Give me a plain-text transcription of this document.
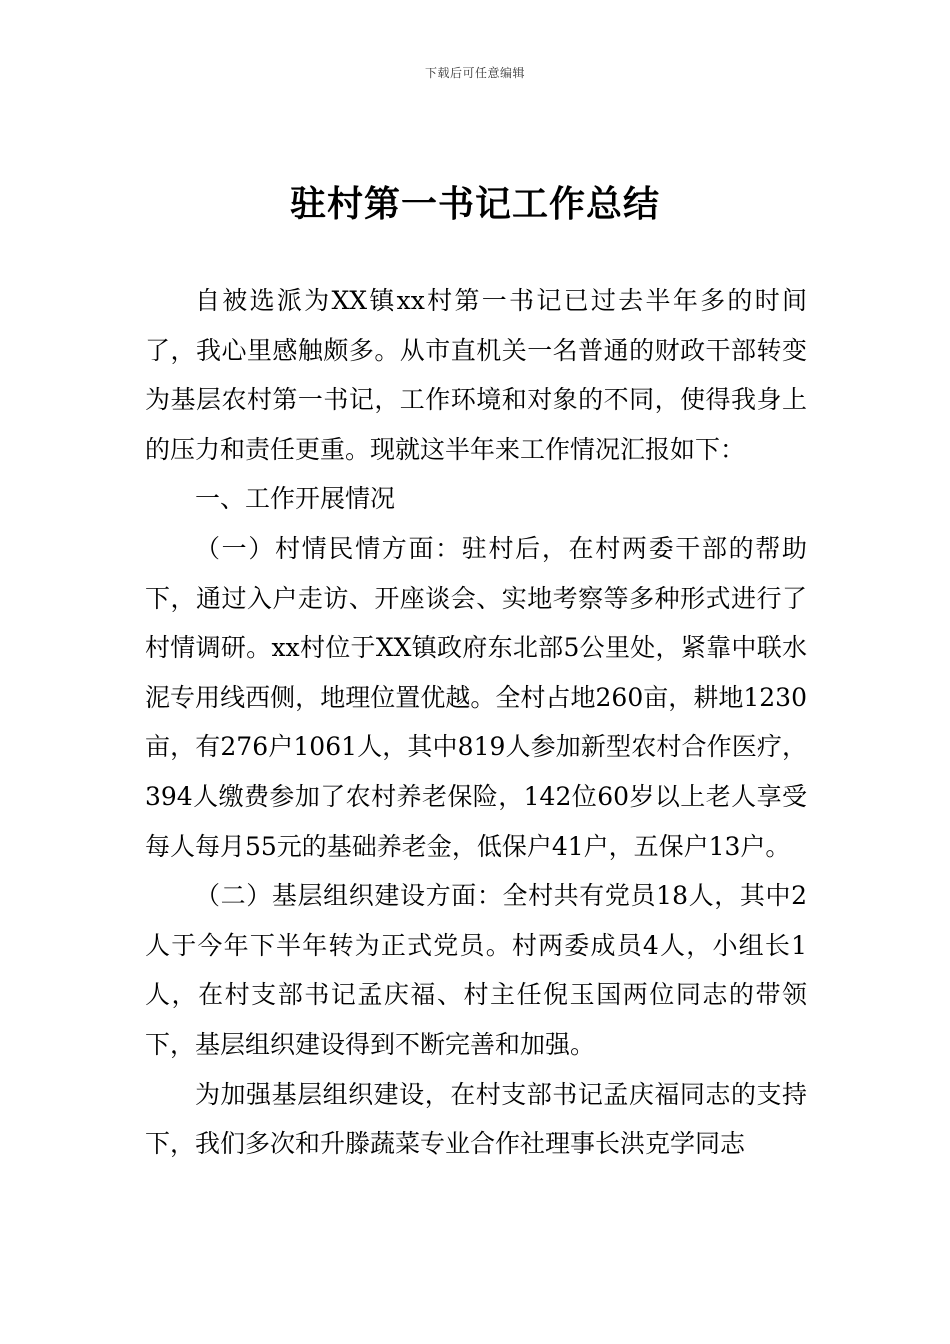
下载后可任意编辑
驻村第一书记工作总结

自被选派为XX镇xx村第一书记已过去半年多的时间了，我心里感触颇多。从市直机关一名普通的财政干部转变为基层农村第一书记，工作环境和对象的不同，使得我身上的压力和责任更重。现就这半年来工作情况汇报如下：

一、工作开展情况

（一）村情民情方面：驻村后，在村两委干部的帮助下，通过入户走访、开座谈会、实地考察等多种形式进行了村情调研。xx村位于XX镇政府东北部5公里处，紧靠中联水泥专用线西侧，地理位置优越。全村占地260亩，耕地1230亩，有276户1061人，其中819人参加新型农村合作医疗，394人缴费参加了农村养老保险，142位60岁以上老人享受每人每月55元的基础养老金，低保户41户，五保户13户。

（二）基层组织建设方面：全村共有党员18人，其中2人于今年下半年转为正式党员。村两委成员4人，小组长1人，在村支部书记孟庆福、村主任倪玉国两位同志的带领下，基层组织建设得到不断完善和加强。

为加强基层组织建设，在村支部书记孟庆福同志的支持下，我们多次和升滕蔬菜专业合作社理事长洪克学同志
